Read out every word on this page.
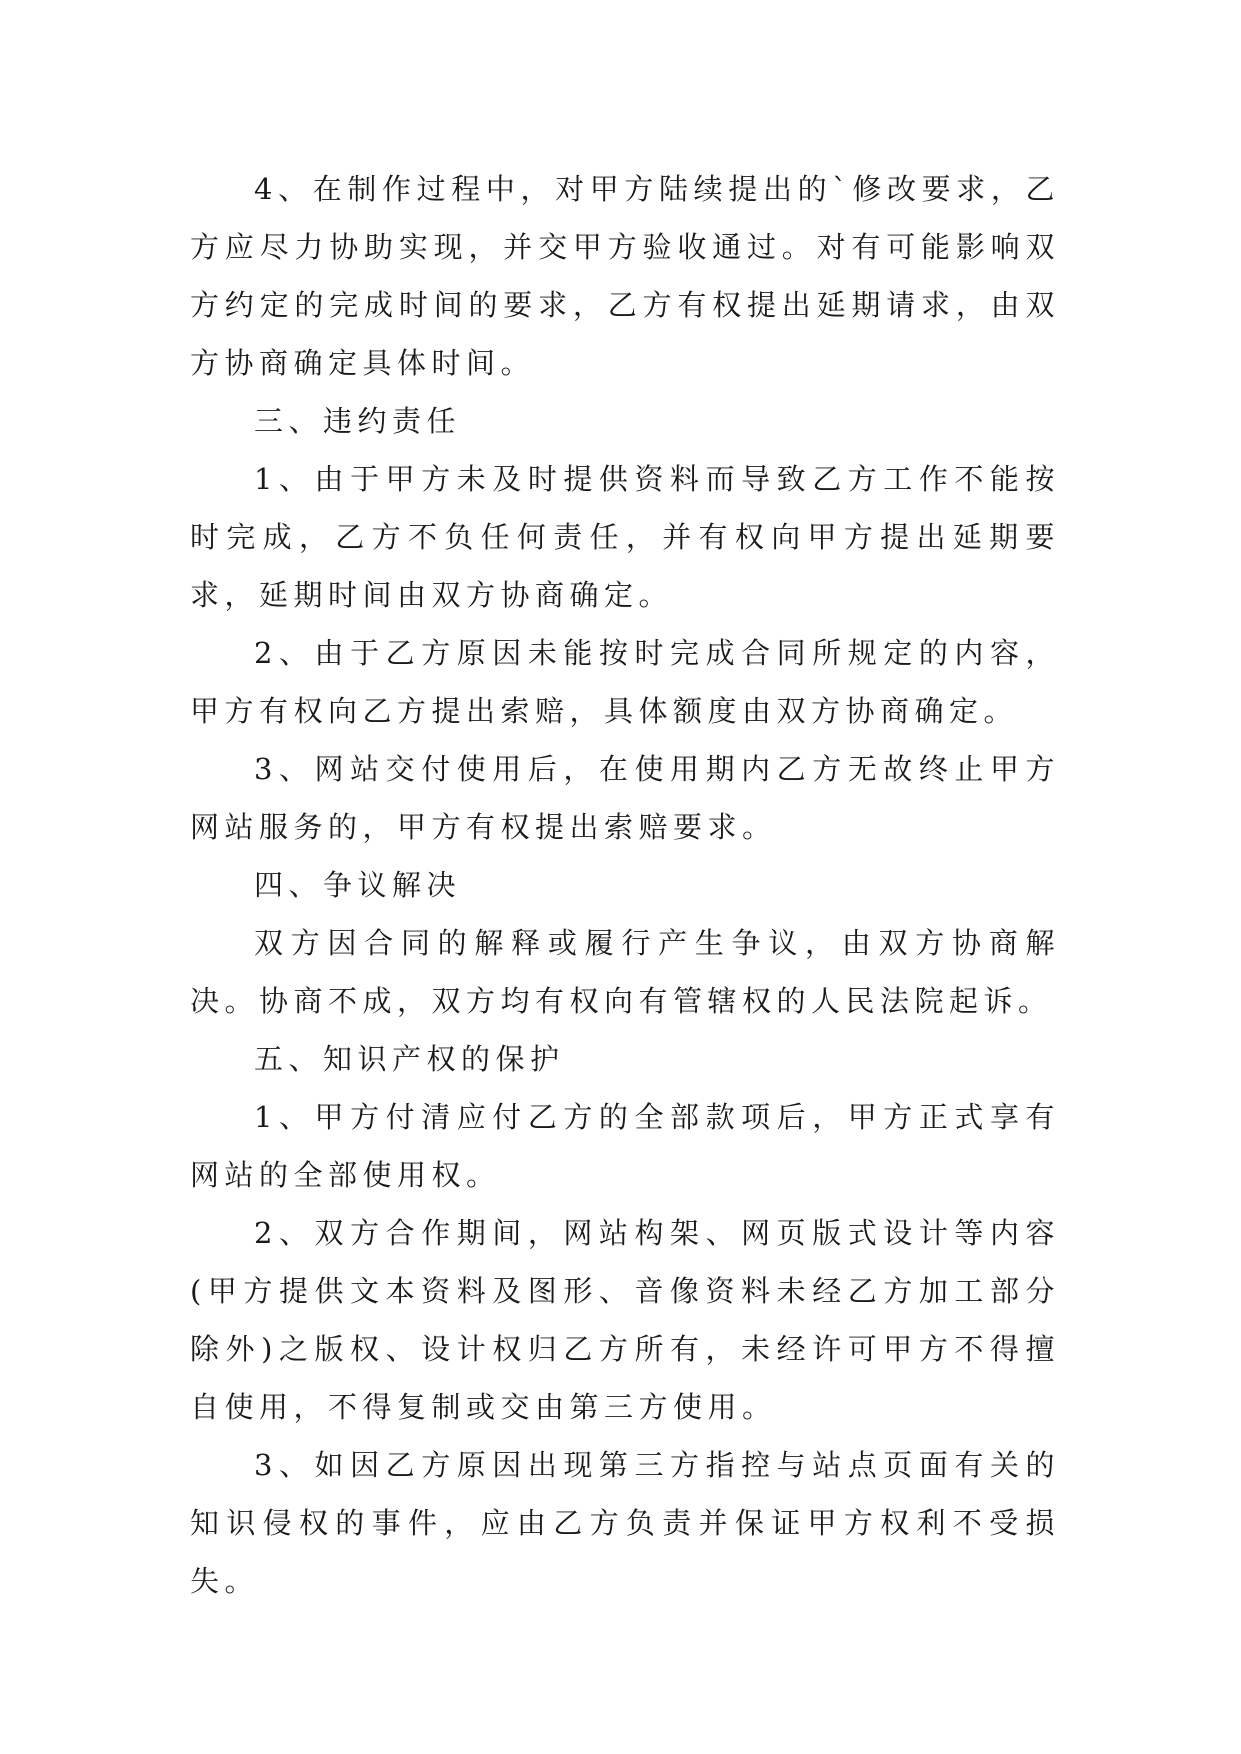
4、在制作过程中，对甲方陆续提出的`修改要求，乙方应尽力协助实现，并交甲方验收通过。对有可能影响双方约定的完成时间的要求，乙方有权提出延期请求，由双方协商确定具体时间。

三、违约责任

1、由于甲方未及时提供资料而导致乙方工作不能按时完成，乙方不负任何责任，并有权向甲方提出延期要求，延期时间由双方协商确定。

2、由于乙方原因未能按时完成合同所规定的内容，甲方有权向乙方提出索赔，具体额度由双方协商确定。

3、网站交付使用后，在使用期内乙方无故终止甲方网站服务的，甲方有权提出索赔要求。

四、争议解决

双方因合同的解释或履行产生争议，由双方协商解决。协商不成，双方均有权向有管辖权的人民法院起诉。

五、知识产权的保护

1、甲方付清应付乙方的全部款项后，甲方正式享有网站的全部使用权。

2、双方合作期间，网站构架、网页版式设计等内容(甲方提供文本资料及图形、音像资料未经乙方加工部分除外)之版权、设计权归乙方所有，未经许可甲方不得擅自使用，不得复制或交由第三方使用。

3、如因乙方原因出现第三方指控与站点页面有关的知识侵权的事件，应由乙方负责并保证甲方权利不受损失。
